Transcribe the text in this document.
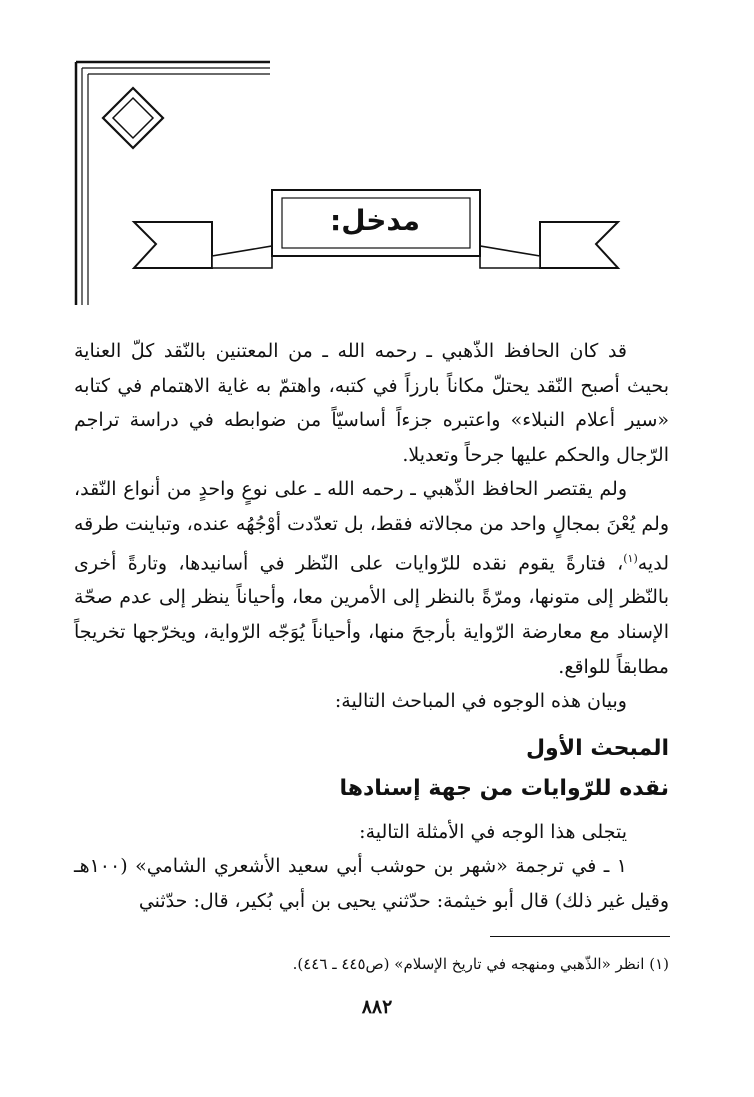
مدخل:

قد كان الحافظ الذّهبي ـ رحمه الله ـ من المعتنين بالنّقد كلّ العناية بحيث أصبح النّقد يحتلّ مكاناً بارزاً في كتبه، واهتمّ به غاية الاهتمام في كتابه «سير أعلام النبلاء» واعتبره جزءاً أساسيّاً من ضوابطه في دراسة تراجم الرّجال والحكم عليها جرحاً وتعديلا.

ولم يقتصر الحافظ الذّهبي ـ رحمه الله ـ على نوعٍ واحدٍ من أنواع النّقد، ولم يُعْنَ بمجالٍ واحد من مجالاته فقط، بل تعدّدت أوْجُهُه عنده، وتباينت طرقه لديه$^{(١)}$، فتارةً يقوم نقده للرّوايات على النّظر في أسانيدها، وتارةً أخرى بالنّظر إلى متونها، ومرّةً بالنظر إلى الأمرين معا، وأحياناً ينظر إلى عدم صحّة الإسناد مع معارضة الرّواية بأرجحَ منها، وأحياناً يُوَجّه الرّواية، ويخرّجها تخريجاً مطابقاً للواقع.

وبيان هذه الوجوه في المباحث التالية:

المبحث الأول
نقده للرّوايات من جهة إسنادها

يتجلى هذا الوجه في الأمثلة التالية:

١ ـ في ترجمة «شهر بن حوشب أبي سعيد الأشعري الشامي» (١٠٠هـ وقيل غير ذلك) قال أبو خيثمة: حدّثني يحيى بن أبي بُكير، قال: حدّثني

(١) انظر «الذّهبي ومنهجه في تاريخ الإسلام» (ص٤٤٥ ـ ٤٤٦).
٨٨٢
